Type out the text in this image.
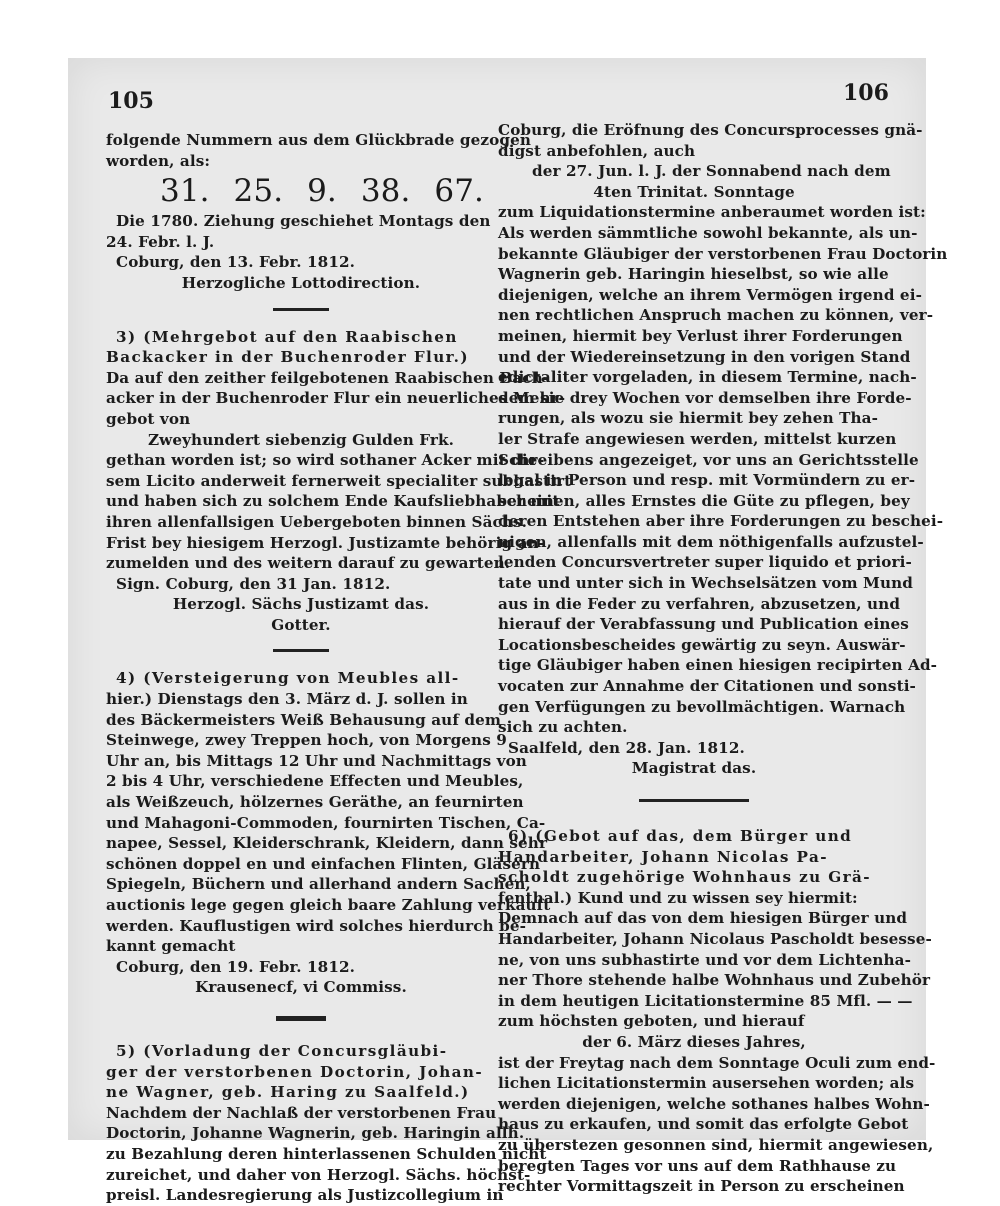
105	106

folgende Nummern aus dem Glückbrade gezogen

worden, als:

31. 25. 9. 38. 67.

Die 1780. Ziehung geschiehet Montags den

24. Febr. l. J.

Coburg, den 13. Febr. 1812.

Herzogliche Lottodirection.

3) (Mehrgebot auf den Raabischen

Backacker in der Buchenroder Flur.)

Da auf den zeither feilgebotenen Raabischen Bach-

acker in der Buchenroder Flur ein neuerliches Mehr-

gebot von

Zweyhundert siebenzig Gulden Frk.

gethan worden ist; so wird sothaner Acker mit die-

sem Licito anderweit fernerweit specialiter subhastirt

und haben sich zu solchem Ende Kaufsliebhaber mit

ihren allenfallsigen Uebergeboten binnen Sächs.

Frist bey hiesigem Herzogl. Justizamte behörig an-

zumelden und des weitern darauf zu gewarten.

Sign. Coburg, den 31 Jan. 1812.

Herzogl. Sächs Justizamt das.

Gotter.

4) (Versteigerung von Meubles all-

hier.) Dienstags den 3. März d. J. sollen in

des Bäckermeisters Weiß Behausung auf dem

Steinwege, zwey Treppen hoch, von Morgens 9

Uhr an, bis Mittags 12 Uhr und Nachmittags von

2 bis 4 Uhr, verschiedene Effecten und Meubles,

als Weißzeuch, hölzernes Geräthe, an feurnirten

und Mahagoni-Commoden, fournirten Tischen, Ca-

napee, Sessel, Kleiderschrank, Kleidern, dann sehr

schönen doppel en und einfachen Flinten, Gläsern

Spiegeln, Büchern und allerhand andern Sachen,

auctionis lege gegen gleich baare Zahlung verkauft

werden. Kauflustigen wird solches hierdurch be-

kannt gemacht

Coburg, den 19. Febr. 1812.

Krausenecf, vi Commiss.

5) (Vorladung der Concursgläubi-

ger der verstorbenen Doctorin, Johan-

ne Wagner, geb. Haring zu Saalfeld.)

Nachdem der Nachlaß der verstorbenen Frau

Doctorin, Johanne Wagnerin, geb. Haringin allh.

zu Bezahlung deren hinterlassenen Schulden nicht

zureichet, und daher von Herzogl. Sächs. höchst-

preisl. Landesregierung als Justizcollegium in

Coburg, die Eröfnung des Concursprocesses gnä-

digst anbefohlen, auch

der 27. Jun. l. J. der Sonnabend nach dem

4ten Trinitat. Sonntage

zum Liquidationstermine anberaumet worden ist:

Als werden sämmtliche sowohl bekannte, als un-

bekannte Gläubiger der verstorbenen Frau Doctorin

Wagnerin geb. Haringin hieselbst, so wie alle

diejenigen, welche an ihrem Vermögen irgend ei-

nen rechtlichen Anspruch machen zu können, ver-

meinen, hiermit bey Verlust ihrer Forderungen

und der Wiedereinsetzung in den vorigen Stand

edictaliter vorgeladen, in diesem Termine, nach-

dem sie drey Wochen vor demselben ihre Forde-

rungen, als wozu sie hiermit bey zehen Tha-

ler Strafe angewiesen werden, mittelst kurzen

Schreibens angezeiget, vor uns an Gerichtsstelle

legal in Person und resp. mit Vormündern zu er-

scheinen, alles Ernstes die Güte zu pflegen, bey

deren Entstehen aber ihre Forderungen zu beschei-

nigen, allenfalls mit dem nöthigenfalls aufzustel-

lenden Concursvertreter super liquido et priori-

tate und unter sich in Wechselsätzen vom Mund

aus in die Feder zu verfahren, abzusetzen, und

hierauf der Verabfassung und Publication eines

Locationsbescheides gewärtig zu seyn. Auswär-

tige Gläubiger haben einen hiesigen recipirten Ad-

vocaten zur Annahme der Citationen und sonsti-

gen Verfügungen zu bevollmächtigen. Warnach

sich zu achten.

Saalfeld, den 28. Jan. 1812.

Magistrat das.

6) (Gebot auf das, dem Bürger und

Handarbeiter, Johann Nicolas Pa-

scholdt zugehörige Wohnhaus zu Grä-

fenthal.) Kund und zu wissen sey hiermit:

Demnach auf das von dem hiesigen Bürger und

Handarbeiter, Johann Nicolaus Pascholdt besesse-

ne, von uns subhastirte und vor dem Lichtenha-

ner Thore stehende halbe Wohnhaus und Zubehör

in dem heutigen Licitationstermine 85 Mfl. — —

zum höchsten geboten, und hierauf

der 6. März dieses Jahres,

ist der Freytag nach dem Sonntage Oculi zum end-

lichen Licitationstermin ausersehen worden; als

werden diejenigen, welche sothanes halbes Wohn-

haus zu erkaufen, und somit das erfolgte Gebot

zu überstezen gesonnen sind, hiermit angewiesen,

beregten Tages vor uns auf dem Rathhause zu

rechter Vormittagszeit in Person zu erscheinen
